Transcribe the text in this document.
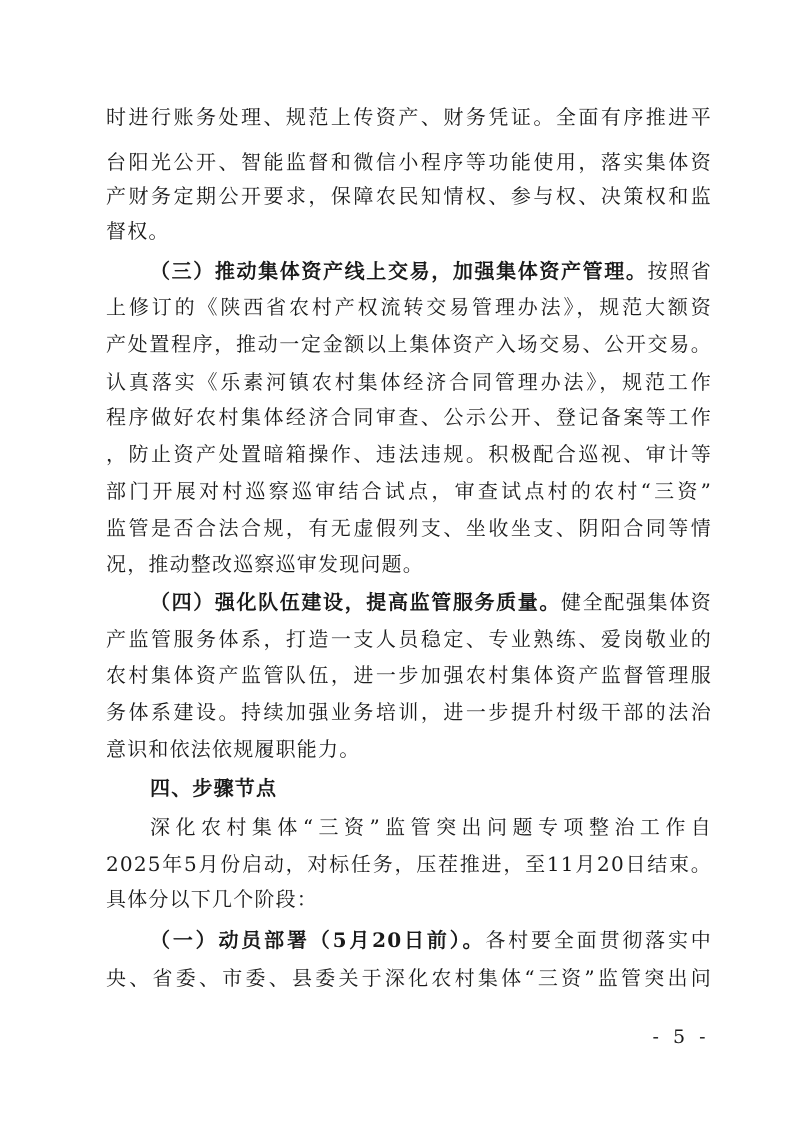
时进行账务处理、规范上传资产、财务凭证。全面有序推进平
台阳光公开、智能监督和微信小程序等功能使用，落实集体资
产财务定期公开要求，保障农民知情权、参与权、决策权和监
督权。
（三）推动集体资产线上交易，加强集体资产管理。按照省
上修订的《陕西省农村产权流转交易管理办法》，规范大额资
产处置程序，推动一定金额以上集体资产入场交易、公开交易。
认真落实《乐素河镇农村集体经济合同管理办法》，规范工作
程序做好农村集体经济合同审查、公示公开、登记备案等工作
，防止资产处置暗箱操作、违法违规。积极配合巡视、审计等
部门开展对村巡察巡审结合试点，审查试点村的农村“三资”
监管是否合法合规，有无虚假列支、坐收坐支、阴阳合同等情
况，推动整改巡察巡审发现问题。
（四）强化队伍建设，提高监管服务质量。健全配强集体资
产监管服务体系，打造一支人员稳定、专业熟练、爱岗敬业的
农村集体资产监管队伍，进一步加强农村集体资产监督管理服
务体系建设。持续加强业务培训，进一步提升村级干部的法治
意识和依法依规履职能力。
四、步骤节点
深化农村集体“三资”监管突出问题专项整治工作自
2025年5月份启动，对标任务，压茬推进，至11月20日结束。
具体分以下几个阶段：
（一）动员部署（5月20日前）。各村要全面贯彻落实中
央、省委、市委、县委关于深化农村集体“三资”监管突出问
- 5 -
